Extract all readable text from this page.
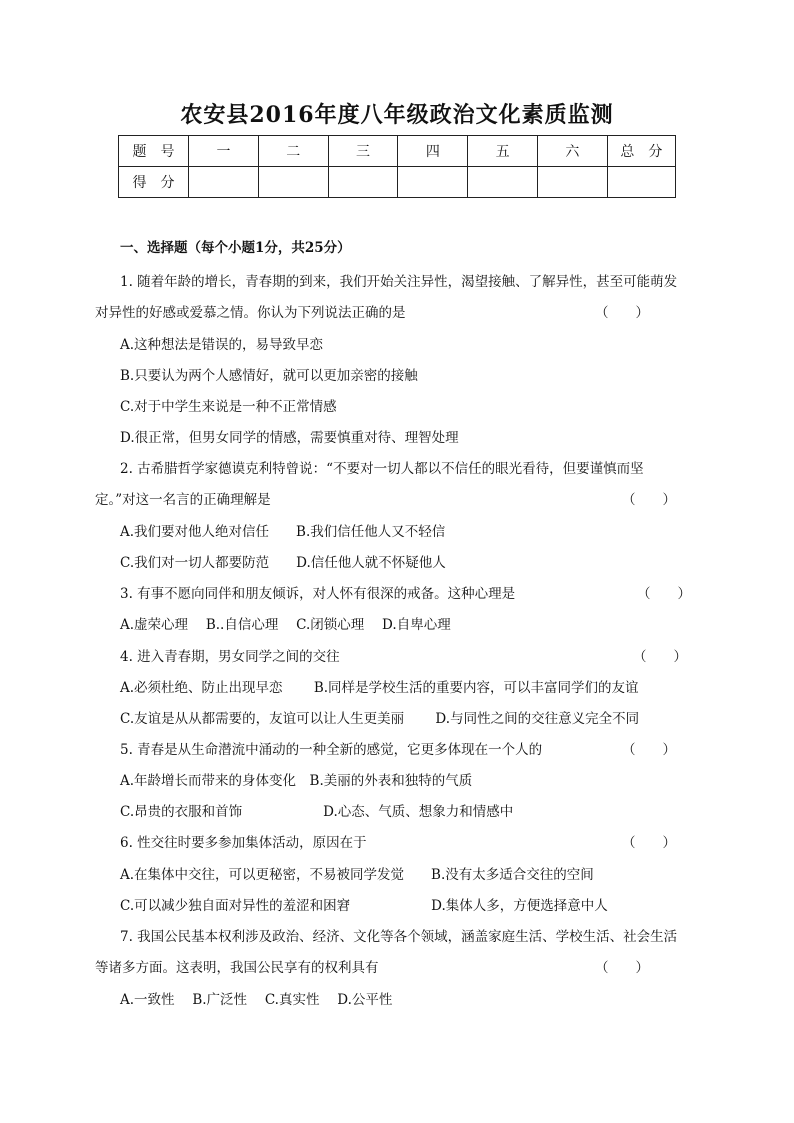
农安县2016年度八年级政治文化素质监测
题　号	一	二	三	四	五	六	总　分
得　分							
一、选择题（每个小题1分，共25分）
1. 随着年龄的增长，青春期的到来，我们开始关注异性，渴望接触、了解异性，甚至可能萌发
对异性的好感或爱慕之情。你认为下列说法正确的是	（　　）
A.这种想法是错误的，易导致早恋
B.只要认为两个人感情好，就可以更加亲密的接触
C.对于中学生来说是一种不正常情感
D.很正常，但男女同学的情感，需要慎重对待、理智处理
2. 古希腊哲学家德谟克利特曾说：“不要对一切人都以不信任的眼光看待，但要谨慎而坚
定。”对这一名言的正确理解是	（　　）
A.我们要对他人绝对信任　　B.我们信任他人又不轻信
C.我们对一切人都要防范　　D.信任他人就不怀疑他人
3. 有事不愿向同伴和朋友倾诉，对人怀有很深的戒备。这种心理是	（　　）
A.虚荣心理　 B..自信心理　 C.闭锁心理　 D.自卑心理
4. 进入青春期，男女同学之间的交往	（　　）
A.必须杜绝、防止出现早恋　　 B.同样是学校生活的重要内容，可以丰富同学们的友谊
C.友谊是从从都需要的，友谊可以让人生更美丽　　 D.与同性之间的交往意义完全不同
5. 青春是从生命潜流中涌动的一种全新的感觉，它更多体现在一个人的	（　　）
A.年龄增长而带来的身体变化　B.美丽的外表和独特的气质
C.昂贵的衣服和首饰　　　　　　D.心态、气质、想象力和情感中
6. 性交往时要多参加集体活动，原因在于	（　　）
A.在集体中交往，可以更秘密，不易被同学发觉　　B.没有太多适合交往的空间
C.可以减少独自面对异性的羞涩和困窘　　　　　　D.集体人多，方便选择意中人
7. 我国公民基本权利涉及政治、经济、文化等各个领域，涵盖家庭生活、学校生活、社会生活
等诸多方面。这表明，我国公民享有的权利具有	（　　）
A.一致性　 B.广泛性　 C.真实性　 D.公平性
